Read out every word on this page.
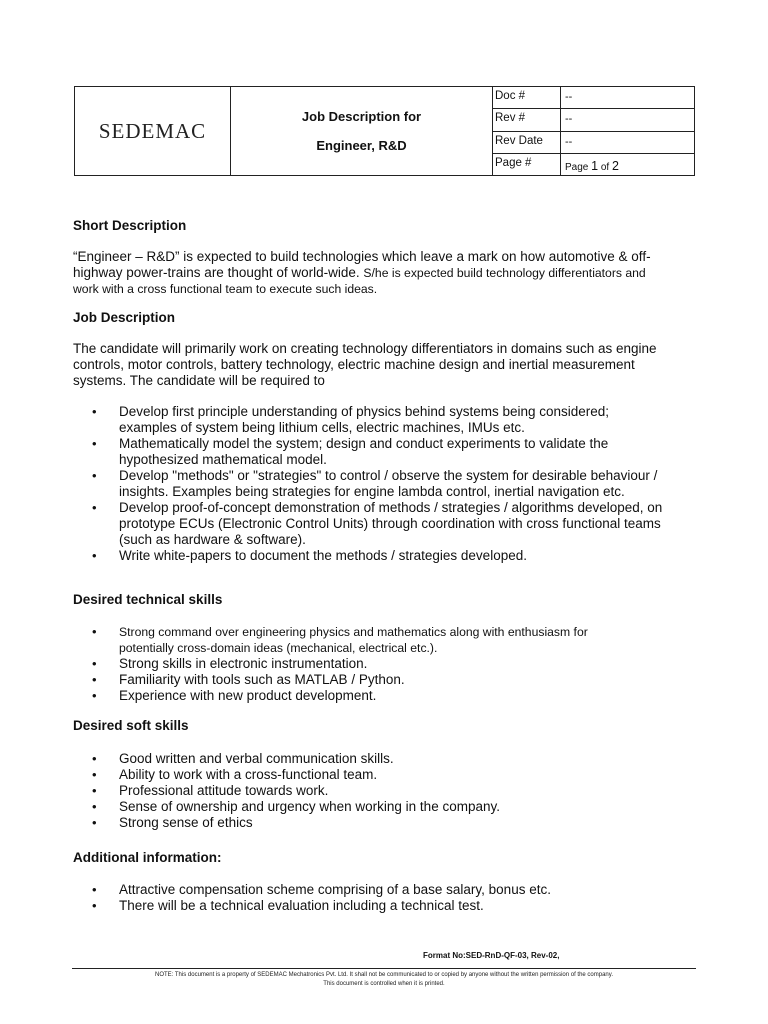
SEDEMAC
Job Description for
Engineer, R&D
Doc #	--
Rev #	--
Rev Date	--
Page #	Page 1 of 2
Short Description
“Engineer – R&D” is expected to build technologies which leave a mark on how automotive & off-
highway power-trains are thought of world-wide. S/he is expected build technology differentiators and
work with a cross functional team to execute such ideas.
Job Description
The candidate will primarily work on creating technology differentiators in domains such as engine
controls, motor controls, battery technology, electric machine design and inertial measurement
systems. The candidate will be required to
• Develop first principle understanding of physics behind systems being considered;
examples of system being lithium cells, electric machines, IMUs etc.
• Mathematically model the system; design and conduct experiments to validate the
hypothesized mathematical model.
• Develop "methods" or "strategies" to control / observe the system for desirable behaviour /
insights. Examples being strategies for engine lambda control, inertial navigation etc.
• Develop proof-of-concept demonstration of methods / strategies / algorithms developed, on
prototype ECUs (Electronic Control Units) through coordination with cross functional teams
(such as hardware & software).
• Write white-papers to document the methods / strategies developed.
Desired technical skills
• Strong command over engineering physics and mathematics along with enthusiasm for
potentially cross-domain ideas (mechanical, electrical etc.).
• Strong skills in electronic instrumentation.
• Familiarity with tools such as MATLAB / Python.
• Experience with new product development.
Desired soft skills
• Good written and verbal communication skills.
• Ability to work with a cross-functional team.
• Professional attitude towards work.
• Sense of ownership and urgency when working in the company.
• Strong sense of ethics
Additional information:
• Attractive compensation scheme comprising of a base salary, bonus etc.
• There will be a technical evaluation including a technical test.
Format No:SED-RnD-QF-03, Rev-02,
NOTE: This document is a property of SEDEMAC Mechatronics Pvt. Ltd. It shall not be communicated to or copied by anyone without the written permission of the company.
This document is controlled when it is printed.
